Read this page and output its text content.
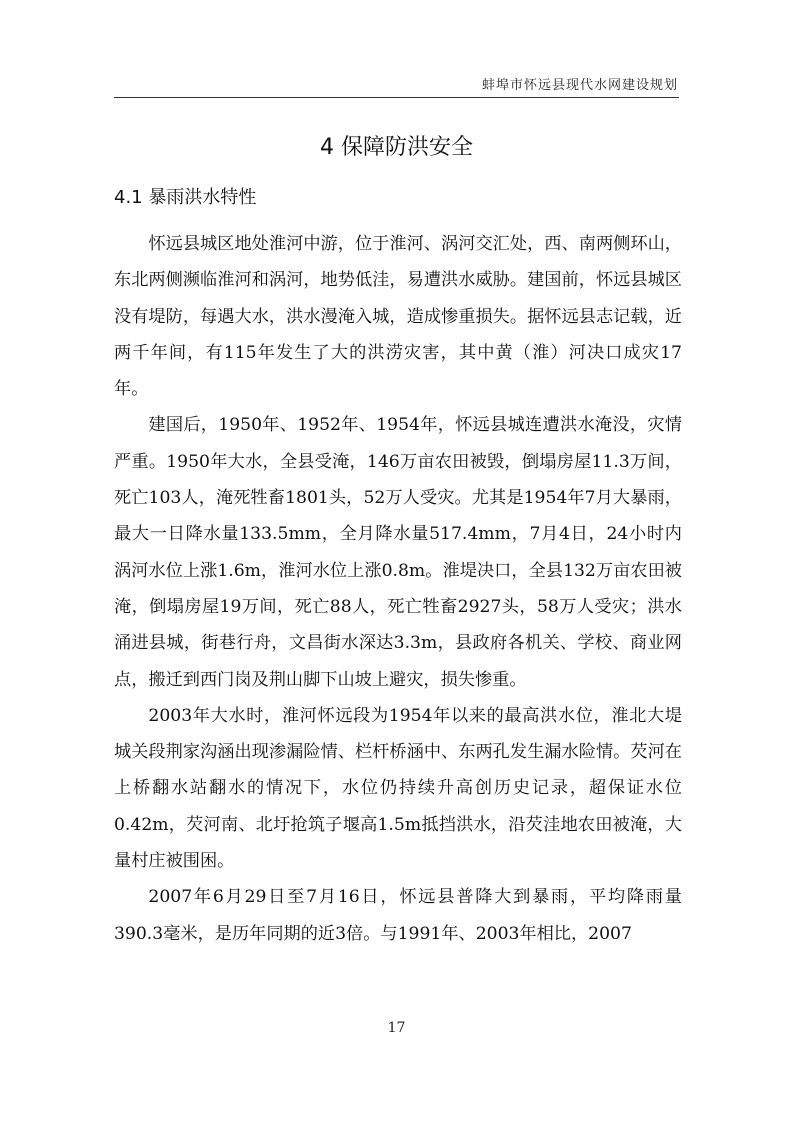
蚌埠市怀远县现代水网建设规划
4 保障防洪安全
4.1 暴雨洪水特性

怀远县城区地处淮河中游，位于淮河、涡河交汇处，西、南两侧环山，东北两侧濒临淮河和涡河，地势低洼，易遭洪水威胁。建国前，怀远县城区没有堤防，每遇大水，洪水漫淹入城，造成惨重损失。据怀远县志记载，近两千年间，有115年发生了大的洪涝灾害，其中黄（淮）河决口成灾17年。

建国后，1950年、1952年、1954年，怀远县城连遭洪水淹没，灾情严重。1950年大水，全县受淹，146万亩农田被毁，倒塌房屋11.3万间，死亡103人，淹死牲畜1801头，52万人受灾。尤其是1954年7月大暴雨，最大一日降水量133.5mm，全月降水量517.4mm，7月4日，24小时内涡河水位上涨1.6m，淮河水位上涨0.8m。淮堤决口，全县132万亩农田被淹，倒塌房屋19万间，死亡88人，死亡牲畜2927头，58万人受灾；洪水涌进县城，街巷行舟，文昌街水深达3.3m，县政府各机关、学校、商业网点，搬迁到西门岗及荆山脚下山坡上避灾，损失惨重。

2003年大水时，淮河怀远段为1954年以来的最高洪水位，淮北大堤城关段荆家沟涵出现渗漏险情、栏杆桥涵中、东两孔发生漏水险情。芡河在上桥翻水站翻水的情况下，水位仍持续升高创历史记录，超保证水位0.42m，芡河南、北圩抢筑子堰高1.5m抵挡洪水，沿芡洼地农田被淹，大量村庄被围困。

2007年6月29日至7月16日，怀远县普降大到暴雨，平均降雨量390.3毫米，是历年同期的近3倍。与1991年、2003年相比，2007

17
